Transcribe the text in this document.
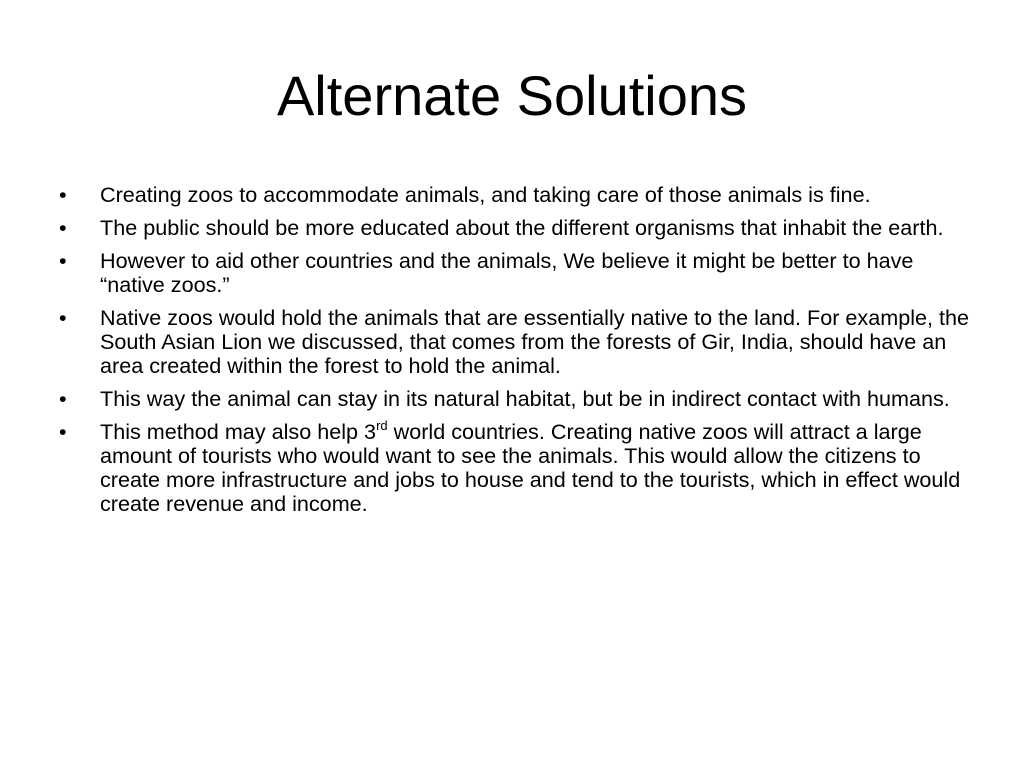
Alternate Solutions
• Creating zoos to accommodate animals, and taking care of those animals is fine.
• The public should be more educated about the different organisms that inhabit the earth.
• However to aid other countries and the animals, We believe it might be better to have “native zoos.”
• Native zoos would hold the animals that are essentially native to the land. For example, the South Asian Lion we discussed, that comes from the forests of Gir, India, should have an area created within the forest to hold the animal.
• This way the animal can stay in its natural habitat, but be in indirect contact with humans.
• This method may also help 3rd world countries. Creating native zoos will attract a large amount of tourists who would want to see the animals. This would allow the citizens to create more infrastructure and jobs to house and tend to the tourists, which in effect would create revenue and income.
